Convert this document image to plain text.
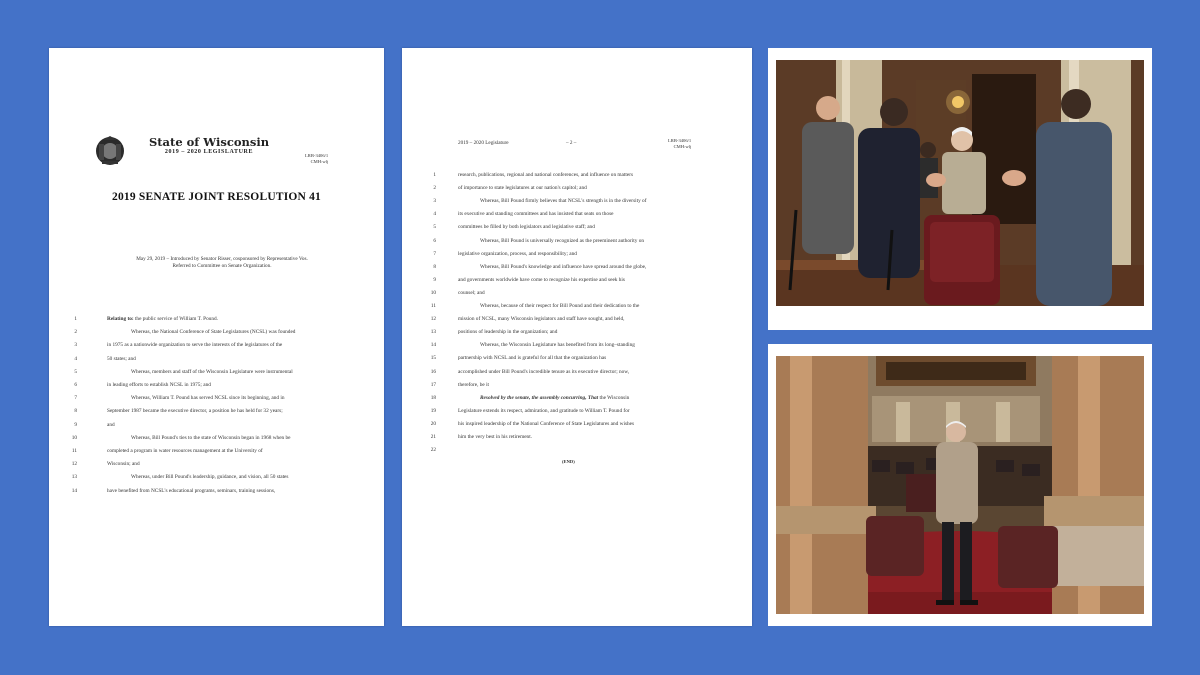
State of Wisconsin
2019 – 2020 LEGISLATURE
LRB-3406/1
CMH:wlj
2019 SENATE JOINT RESOLUTION 41
May 29, 2019 – Introduced by Senator Risser, cosponsored by Representative Vos.
Referred to Committee on Senate Organization.
1	Relating to: the public service of William T. Pound.
2	Whereas, the National Conference of State Legislatures (NCSL) was founded
3	in 1975 as a nationwide organization to serve the interests of the legislatures of the
4	50 states; and
5	Whereas, members and staff of the Wisconsin Legislature were instrumental
6	in leading efforts to establish NCSL in 1975; and
7	Whereas, William T. Pound has served NCSL since its beginning, and in
8	September 1987 became the executive director, a position he has held for 32 years;
9	and
10	Whereas, Bill Pound's ties to the state of Wisconsin began in 1968 when be
11	completed a program in water resources management at the University of
12	Wisconsin; and
13	Whereas, under Bill Pound's leadership, guidance, and vision, all 50 states
14	have benefited from NCSL's educational programs, seminars, training sessions,
2019 – 2020 Legislature	– 2 –	LRB-3406/1
CMH:wlj
1	research, publications, regional and national conferences, and influence on matters
2	of importance to state legislatures at our nation's capitol; and
3	Whereas, Bill Pound firmly believes that NCSL's strength is in the diversity of
4	its executive and standing committees and has insisted that seats on those
5	committees be filled by both legislators and legislative staff; and
6	Whereas, Bill Pound is universally recognized as the preeminent authority on
7	legislative organization, process, and responsibility; and
8	Whereas, Bill Pound's knowledge and influence have spread around the globe,
9	and governments worldwide have come to recognize his expertise and seek his
10	counsel; and
11	Whereas, because of their respect for Bill Pound and their dedication to the
12	mission of NCSL, many Wisconsin legislators and staff have sought, and held,
13	positions of leadership in the organization; and
14	Whereas, the Wisconsin Legislature has benefited from its long–standing
15	partnership with NCSL and is grateful for all that the organization has
16	accomplished under Bill Pound's incredible tenure as its executive director; now,
17	therefore, be it
18	Resolved by the senate, the assembly concurring, That the Wisconsin
19	Legislature extends its respect, admiration, and gratitude to William T. Pound for
20	his inspired leadership of the National Conference of State Legislatures and wishes
21	him the very best in his retirement.
22
(END)
